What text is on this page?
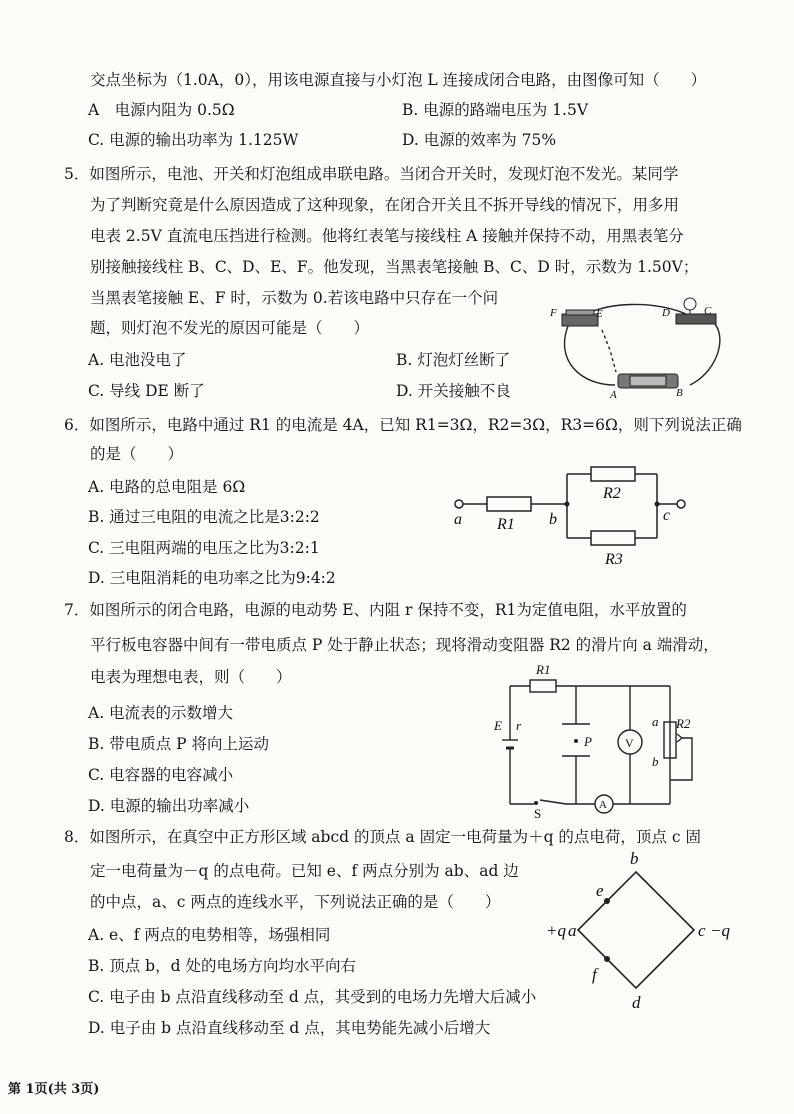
交点坐标为（1.0A，0），用该电源直接与小灯泡 L 连接成闭合电路，由图像可知（　　）
A　电源内阻为 0.5Ω	B. 电源的路端电压为 1.5V
C. 电源的输出功率为 1.125W	D. 电源的效率为 75%
5．如图所示，电池、开关和灯泡组成串联电路。当闭合开关时，发现灯泡不发光。某同学
为了判断究竟是什么原因造成了这种现象，在闭合开关且不拆开导线的情况下，用多用
电表 2.5V 直流电压挡进行检测。他将红表笔与接线柱 A 接触并保持不动，用黑表笔分
别接触接线柱 B、C、D、E、F。他发现，当黑表笔接触 B、C、D 时，示数为 1.50V；
当黑表笔接触 E、F 时，示数为 0.若该电路中只存在一个问
题，则灯泡不发光的原因可能是（　　）
A. 电池没电了	B. 灯泡灯丝断了
C. 导线 DE 断了	D. 开关接触不良
F	E	D	C
A	B
6．如图所示，电路中通过 R1 的电流是 4A，已知 R1=3Ω，R2=3Ω，R3=6Ω，则下列说法正确
的是（　　）
A. 电路的总电阻是 6Ω
B. 通过三电阻的电流之比是3:2:2
C. 三电阻两端的电压之比为3:2:1
D. 三电阻消耗的电功率之比为9:4:2
a R1 b
R2
c
R3
7．如图所示的闭合电路，电源的电动势 E、内阻 r 保持不变，R1为定值电阻，水平放置的
平行板电容器中间有一带电质点 P 处于静止状态；现将滑动变阻器 R2 的滑片向 a 端滑动，
电表为理想电表，则（　　）
A. 电流表的示数增大
B. 带电质点 P 将向上运动
C. 电容器的电容减小
D. 电源的输出功率减小
R1
E r
P	V
a R2
b
S
A
8．如图所示，在真空中正方形区域 abcd 的顶点 a 固定一电荷量为＋q 的点电荷，顶点 c 固
定一电荷量为－q 的点电荷。已知 e、f 两点分别为 ab、ad 边
的中点，a、c 两点的连线水平，下列说法正确的是（　　）
A. e、f 两点的电势相等，场强相同
B. 顶点 b，d 处的电场方向均水平向右
C. 电子由 b 点沿直线移动至 d 点，其受到的电场力先增大后减小
D. 电子由 b 点沿直线移动至 d 点，其电势能先减小后增大
b
e
+q a	c −q
f
d
第 1页(共 3页)
